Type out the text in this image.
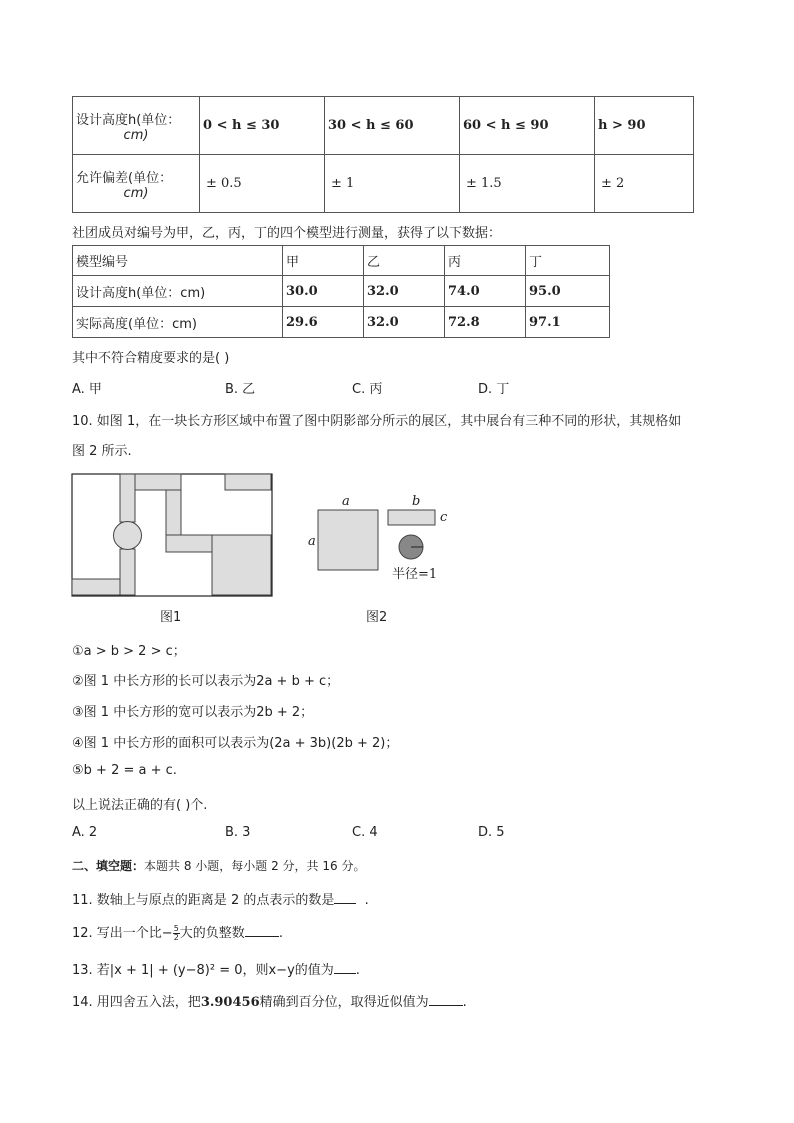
设计高度h(单位：
cm)	0 < h ≤ 30	30 < h ≤ 60	60 < h ≤ 90	h > 90

允许偏差(单位：
cm)	± 0.5	± 1	± 1.5	± 2
社团成员对编号为甲，乙，丙，丁的四个模型进行测量，获得了以下数据：
模型编号	甲	乙	丙	丁
设计高度h(单位：cm)	30.0	32.0	74.0	95.0
实际高度(单位：cm)	29.6	32.0	72.8	97.1
其中不符合精度要求的是( )
A. 甲	B. 乙	C. 丙	D. 丁
10. 如图 1，在一块长方形区域中布置了图中阴影部分所示的展区，其中展台有三种不同的形状，其规格如
图 2 所示.
图1
a
a
b
c
半径=1
图2
①a > b > 2 > c；
②图 1 中长方形的长可以表示为2a + b + c；
③图 1 中长方形的宽可以表示为2b + 2；
④图 1 中长方形的面积可以表示为(2a + 3b)(2b + 2)；
⑤b + 2 = a + c.
以上说法正确的有( )个.
A. 2	B. 3	C. 4	D. 5
二、填空题：本题共 8 小题，每小题 2 分，共 16 分。
11. 数轴上与原点的距离是 2 的点表示的数是 .
12. 写出一个比− $\frac{5}{2}$ 大的负整数	.
13. 若|x + 1| + (y−8)² = 0，则x−y的值为 .
14. 用四舍五入法，把3.90456精确到百分位，取得近似值为	.
